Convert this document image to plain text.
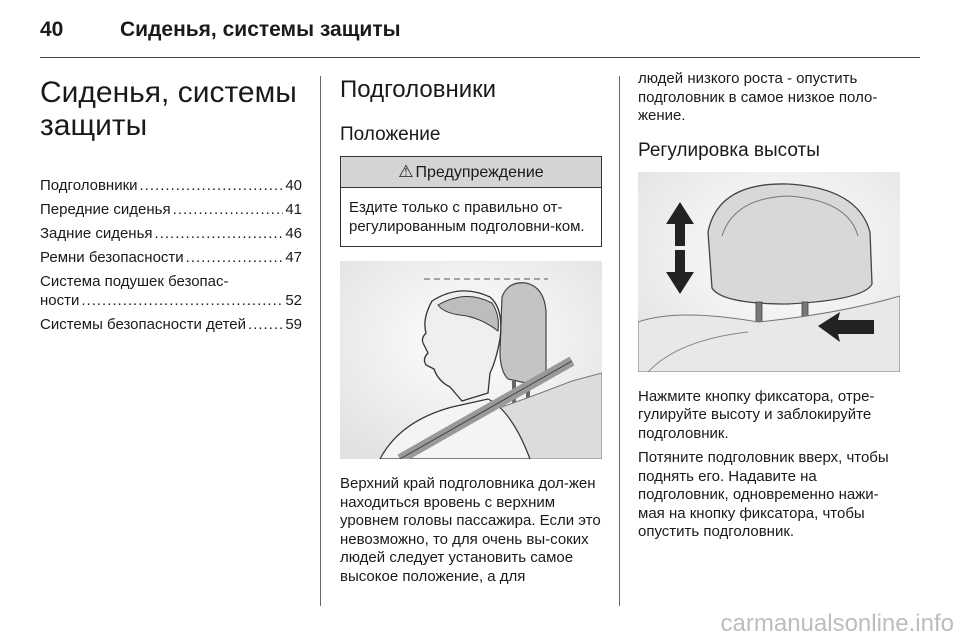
40	Сиденья, системы защиты
Сиденья, системы защиты
Подголовники .....	40
Передние сиденья .....	41
Задние сиденья .....	46
Ремни безопасности .....	47
Система подушек безопас-
ности .....	52
Системы безопасности детей .....	59
Подголовники
Положение
⚠ Предупреждение
Ездите только с правильно от-регулированным подголовни-ком.

Верхний край подголовника дол-жен находиться вровень с верхним уровнем головы пассажира. Если это невозможно, то для очень вы-соких людей следует установить самое высокое положение, а для

людей низкого роста - опустить подголовник в самое низкое поло-жение.

Регулировка высоты

Нажмите кнопку фиксатора, отре-гулируйте высоту и заблокируйте подголовник.

Потяните подголовник вверх, чтобы поднять его. Надавите на подголовник, одновременно нажи-мая на кнопку фиксатора, чтобы опустить подголовник.

carmanualsonline.info
